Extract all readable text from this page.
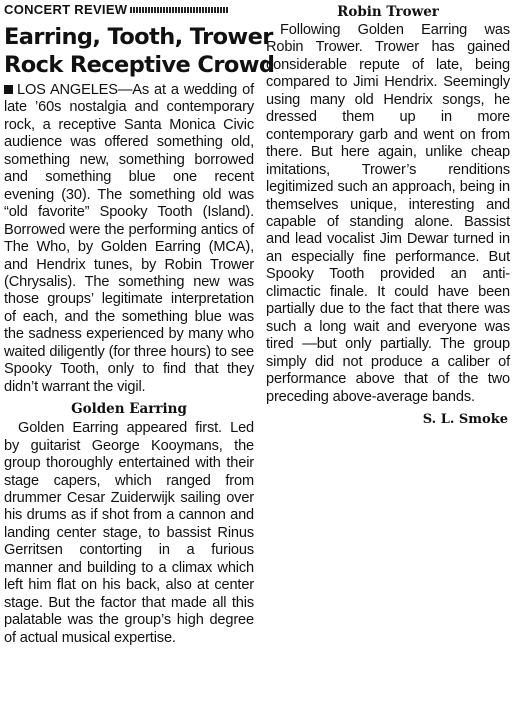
CONCERT REVIEW
Earring, Tooth, Trower
Rock Receptive Crowd

LOS ANGELES—As at a wedding of late ’60s nostalgia and contemporary rock, a receptive Santa Monica Civic audience was offered something old, something new, something borrowed and something blue one recent evening (30). The something old was “old favorite” Spooky Tooth (Island). Borrowed were the performing antics of The Who, by Golden Earring (MCA), and Hendrix tunes, by Robin Trower (Chrysalis). The something new was those groups’ legitimate interpretation of each, and the something blue was the sadness experienced by many who waited diligently (for three hours) to see Spooky Tooth, only to find that they didn’t warrant the vigil.

Golden Earring

Golden Earring appeared first. Led by guitarist George Kooymans, the group thoroughly entertained with their stage capers, which ranged from drummer Cesar Zuiderwijk sailing over his drums as if shot from a cannon and landing center stage, to bassist Rinus Gerritsen contorting in a furious manner and building to a climax which left him flat on his back, also at center stage. But the factor that made all this palatable was the group’s high degree of actual musical expertise.

Robin Trower

Following Golden Earring was Robin Trower. Trower has gained considerable repute of late, being compared to Jimi Hendrix. Seemingly using many old Hendrix songs, he dressed them up in more contemporary garb and went on from there. But here again, unlike cheap imitations, Trower’s renditions legitimized such an approach, being in themselves unique, interesting and capable of standing alone. Bassist and lead vocalist Jim Dewar turned in an especially fine performance. But Spooky Tooth provided an anti-climactic finale. It could have been partially due to the fact that there was such a long wait and everyone was tired —but only partially. The group simply did not produce a caliber of performance above that of the two preceding above-average bands.

S. L. Smoke
